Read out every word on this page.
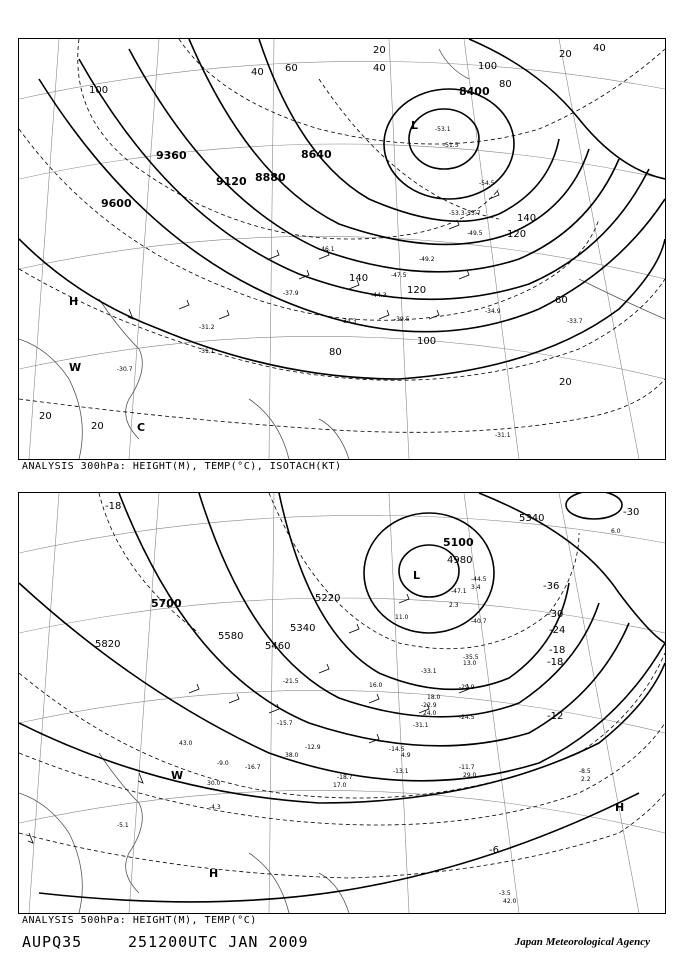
9360
9120 8880
8640
8400
9600
20
40
60
80
100
120
140
100
120
140
60
80
100
20
40
20
40
20
20
-53.1
-51.5
-53.3
-47.5
-49.2
-46.1
-39.5
-34.9
-31.2
-31.1
-30.7
-33.7
-54.5
-55.7
-49.5
-37.9	-44.3
-34.3
-31.1
L
H
W
C
ANALYSIS 300hPa: HEIGHT(M), TEMP(°C), ISOTACH(KT)
5700
5820
5580
5460
5340
5220
4980
5100
5340
-30
-36
-30
-24
-18
-12
-6
-18
-18
-47.1
-44.5
-40.7
-35.5
-33.1
-31.1
-29.9
-24.5
-22.9
-14.5
-13.1
-11.7
-12.9
-8.5
-3.5
-4.3
-5.1
-9.0
-15.7
-16.7
-18.7
-21.5
42.0
29.0
17.0
24.0
18.0
13.0
16.0
4.9
2.2
2.3
3.4
11.0
6.0
30.0
43.0
38.0
L
H
H
W
ANALYSIS 500hPa: HEIGHT(M), TEMP(°C)
AUPQ35	251200UTC JAN 2009	Japan Meteorological Agency
